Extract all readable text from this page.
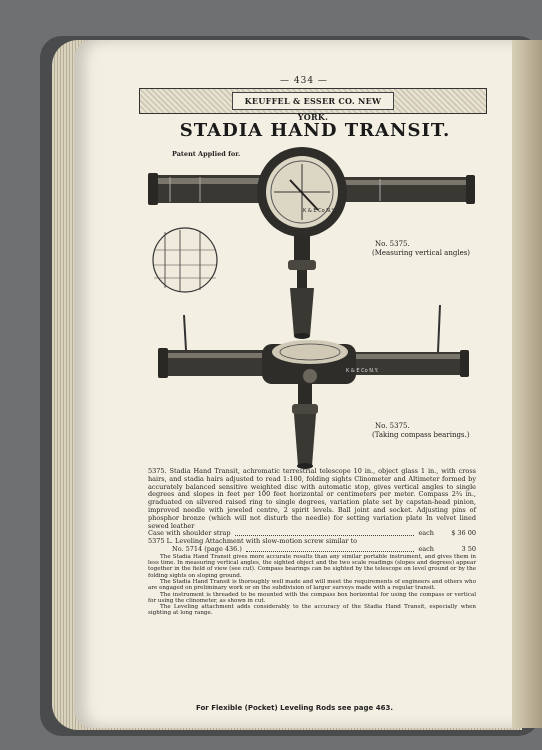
— 434 —
KEUFFEL & ESSER CO. NEW YORK.
STADIA HAND TRANSIT.
Patent Applied for.
K & E Co N.Y.
K & E Co N.Y.
No. 5375.
(Measuring vertical angles)
No. 5375.
(Taking compass bearings.)

5375. Stadia Hand Transit, achromatic terrestrial telescope 10 in., object glass 1 in., with cross hairs, and stadia hairs adjusted to read 1:100, folding sights Clinometer and Altimeter formed by accurately balanced sensitive weighted disc with automatic stop, gives vertical angles to single degrees and slopes in feet per 100 feet horizontal or centimeters per meter. Compass 2¾ in., graduated on silvered raised ring to single degrees, variation plate set by capstan-head pinion, improved needle with jeweled centre, 2 spirit levels. Ball joint and socket. Adjusting pins of phosphor bronze (which will not disturb the needle) for setting variation plate In velvet lined sewed leather

Case with shoulder strap	each	$ 36 00

5375 L. Leveling Attachment with slow-motion screw similar to

No. 5714 (page 436.)	each	3 50

The Stadia Hand Transit gives more accurate results than any similar portable instrument, and gives them in less time. In measuring vertical angles, the sighted object and the two scale readings (slopes and degrees) appear together in the field of view (see cut). Compass bearings can be sighted by the telescope on level ground or by the folding sights on sloping ground.

The Stadia Hand Transit is thoroughly well made and will meet the requirements of engineers and others who are engaged on preliminary work or on the subdivision of larger surveys made with a regular transit.

The instrument is threaded to be mounted with the compass box horizontal for using the compass or vertical for using the clinometer, as shown in cut.

The Leveling attachment adds considerably to the accuracy of the Stadia Hand Transit, especially when sighting at long range.

For Flexible (Pocket) Leveling Rods see page 463.
